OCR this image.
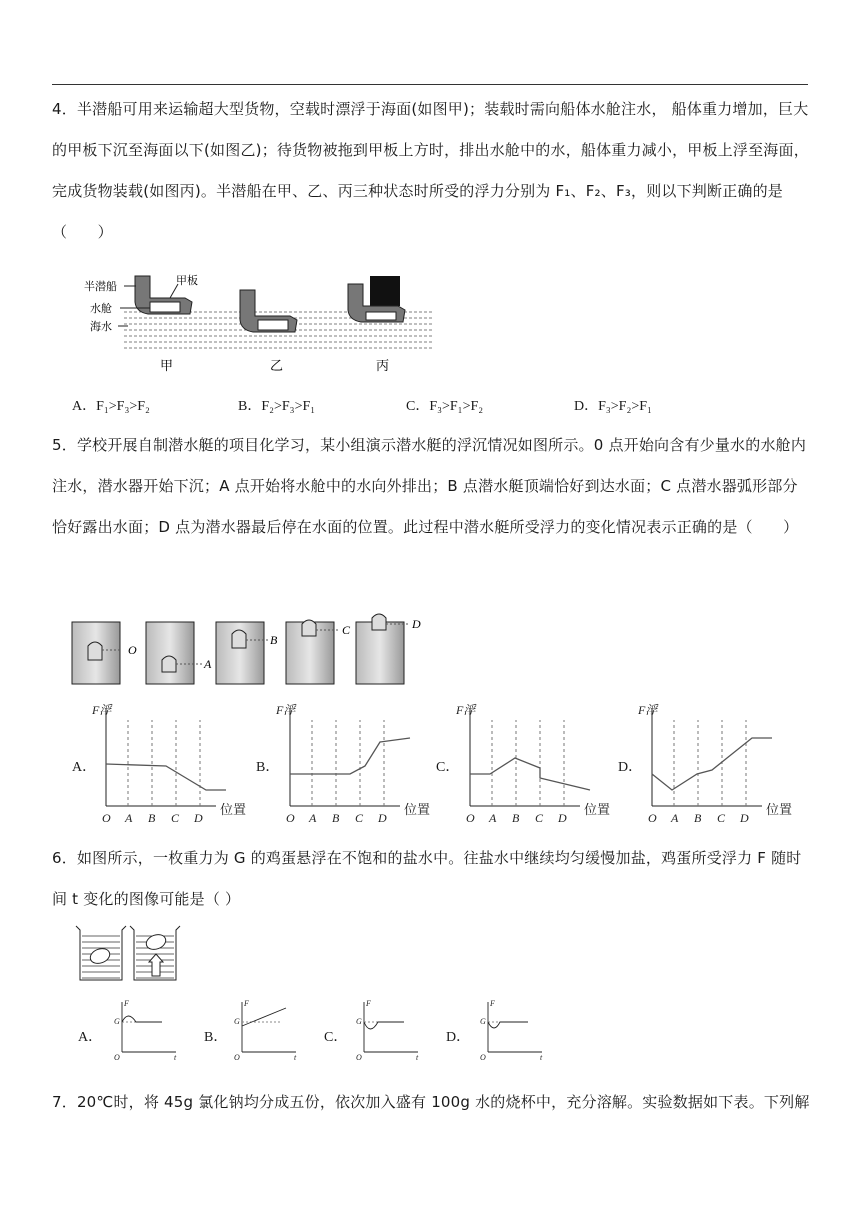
4．半潜船可用来运输超大型货物，空载时漂浮于海面(如图甲)；装载时需向船体水舱注水， 船体重力增加，巨大的甲板下沉至海面以下(如图乙)；待货物被拖到甲板上方时，排出水舱中的水，船体重力减小，甲板上浮至海面，完成货物装载(如图丙)。半潜船在甲、乙、丙三种状态时所受的浮力分别为 F₁、F₂、F₃，则以下判断正确的是（　　）
半潜船	甲板
水舱
海水
甲	乙	丙
A．F₁>F₃>F₂	B．F₂>F₃>F₁	C．F₃>F₁>F₂	D．F₃>F₂>F₁
5．学校开展自制潜水艇的项目化学习，某小组演示潜水艇的浮沉情况如图所示。0 点开始向含有少量水的水舱内注水，潜水器开始下沉；A 点开始将水舱中的水向外排出；B 点潜水艇顶端恰好到达水面；C 点潜水器弧形部分恰好露出水面；D 点为潜水器最后停在水面的位置。此过程中潜水艇所受浮力的变化情况表示正确的是（　　）
O
A
B
C	D
A．	B．	C．	D．
F浮
位置
O A B C D
F浮
位置
O A B C D
F浮
位置
O A B C D
F浮
位置
O A B C D
6．如图所示，一枚重力为 G 的鸡蛋悬浮在不饱和的盐水中。往盐水中继续均匀缓慢加盐，鸡蛋所受浮力 F 随时间 t 变化的图像可能是（ ）
A．	B．	C．	D．
F
G
O	t
F
G
O	t
F
G
O	t
F
G
O	t
7．20℃时，将 45g 氯化钠均分成五份，依次加入盛有 100g 水的烧杯中，充分溶解。实验数据如下表。下列解
